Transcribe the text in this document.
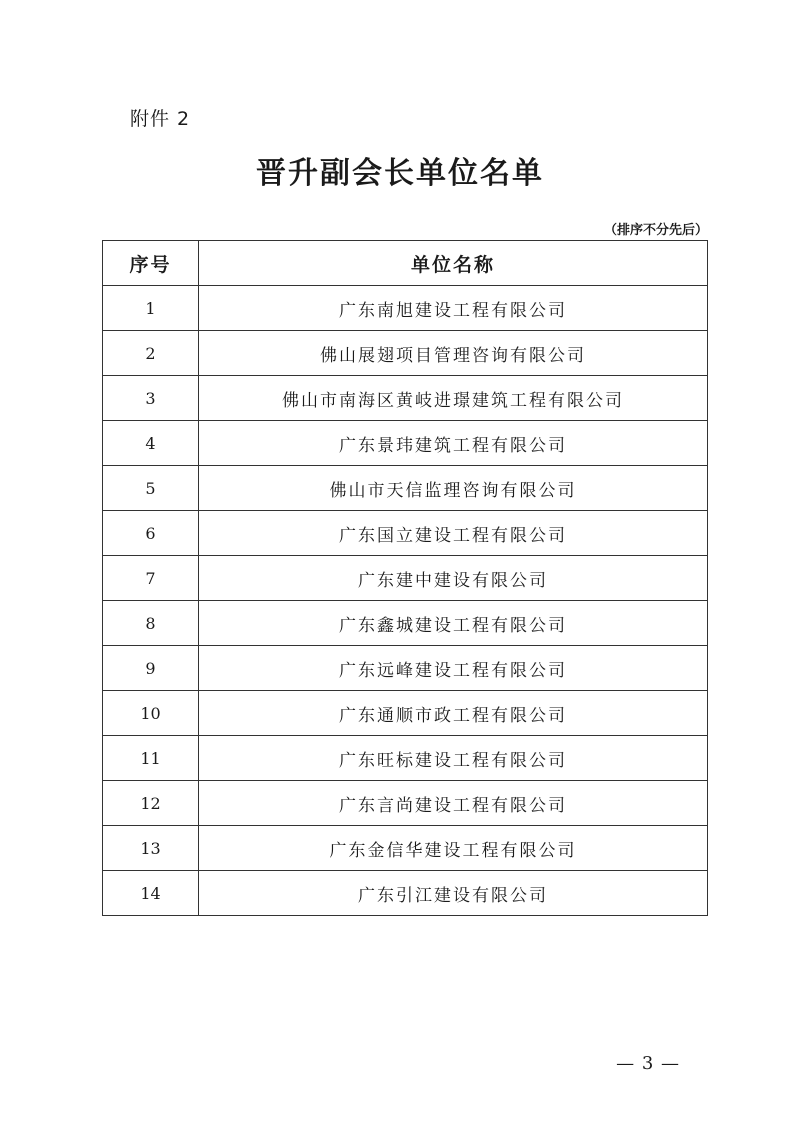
附件 2
晋升副会长单位名单
（排序不分先后）
序号	单位名称
1	广东南旭建设工程有限公司
2	佛山展翅项目管理咨询有限公司
3	佛山市南海区黄岐进璟建筑工程有限公司
4	广东景玮建筑工程有限公司
5	佛山市天信监理咨询有限公司
6	广东国立建设工程有限公司
7	广东建中建设有限公司
8	广东鑫城建设工程有限公司
9	广东远峰建设工程有限公司
10	广东通顺市政工程有限公司
11	广东旺标建设工程有限公司
12	广东言尚建设工程有限公司
13	广东金信华建设工程有限公司
14	广东引江建设有限公司
— 3 —
